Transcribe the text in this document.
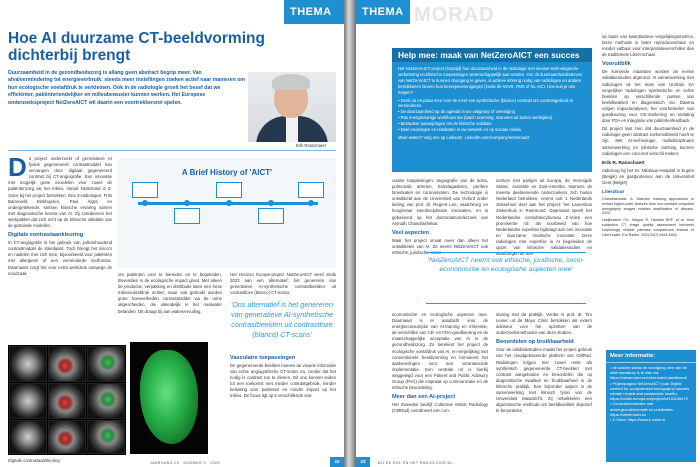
THEMA AI
Hoe AI duurzame CT-beeldvorming dichterbij brengt
Duurzaamheid in de gezondheidszorg is allang geen abstract begrip meer. Van afvalvermindering tot energieverbruik: steeds meer instellingen zoeken actief naar manieren om hun ecologische voetafdruk te verkleinen. Ook in de radiologie groeit het besef dat we efficiënter, patiëntvriendelijker en milieubewuster kunnen werken. Het Europese onderzoeksproject NetZeroAICT wil daarin een voortrekkersrol spelen.
Erik Ranschaert

Dit project onderzoekt of generatieve AI fysiek gegenereerd contrastmiddel kan vervangen door digitaal gegenereerd contrast bij CT-angiografie. Een innovatie met mogelijk grote voordelen voor zowel de patiëntenzorg als het milieu. Vanuit Nederland is Z-Voice bij het project betrokken. Drie Z-radiologen, Frits Barneveld Binkhuysen, Paul Algra en ondergetekende, toetsen klinische ervaring samen met diagnostische kennis van AI. Zij coördineren het werkpakket dat zich richt op de klinische validatie van de getrainde modellen.

Digitale contrastaankleuring

In CT-angiografie is het gebruik van jodiumhoudend contrastmiddel de standaard. Toch brengt het risico's en nadelen met zich mee, bijvoorbeeld voor patiënten met allergieën of een verminderde nierfunctie. Daarnaast zorgt het voor extra werkdruk vanwege de noodzaak

A Brief History of 'AICT'

om patiënten voor te bereiden en te begeleiden. Bovendien is de ecologische impact groot. Met alleen de productie, verpakking en distributie laten een forse milieuvoetafdruk achter, maar ook gebruikt worden grote hoeveelheden contrastmiddel via de urine uitgescheiden, die uiteindelijk in het rioolwater belanden. Dit draagt bij aan watervervuiling.

Het Horizon Europe-project NetZeroAICT werd sinds 2023 aan een alternatief: het genereren van generatieve AI-synthetische contrastbeelden uit contrastloze (blanco) CT-scans.

'Ons alternatief is het genereren van generatieve AI-synthetische contrastbeelden uit contrastloze (blanco) CT-scans'
Vasculaire toepassingen

De gegenereerde beelden hoeven de visuele informatie van echte angiografische CT-scans na, zonder dat het nodig is contrast toe te dienen. Dit ons kunnen leiden tot een toekomst met minder contrastgebruik, minder belasting voor patiënten en minder impact op het milieu. De focus ligt op 5 verschillende vas-

Digitale contrastaankleuring	JAARGANG 29 · NUMMER 3 · 2025	22
THEMA AI
MORAD
Help mee: maak van NetZeroAICT een succes

Het NetZeroAICT-project (looptijd) hun duurzaamheid in de radiologie met nieuwe technologische verbetering en klinische toepassingen wetenschappelijk aan worden. Om dit duurzaamheidsstreven van NetZeroAICT te kunnen doorgang te geven, is actieve inbreng nodig van radiologen en andere betrokkenen binnen hun beroepsverenigingen (zoals de NVvR, FMS of NL AIC). Hoe kun je ons helpen?

• Denk na en praat mee over de inzet van synthetische (blanco) contrast om contrastgebruik te verminderen
• De duurzaamheid op de agenda in uw vakgroep of vereniging
• Pas energiezuinige workflows toe (batch scanning, scanners uit buiten werktijden)
• Bestudeer aanwijzingen om de klinische validatie
• Deel ervaringen en resultaten in uw netwerk en op sociale media

Meer weten? Volg ons op LinkedIn: LinkedIn.com/company/netzeroaict

culaire toepassingen: angiografie van de aorta, pulmonale arterien, halsslagaderen, perifere bloedvaten en coronairvaten. De technologie is ontwikkeld aan de Universiteit van Oxford onder leiding van prof. dr. Regent Lee, vaatchirurg en hoogleraar interdisciplinaire innovaties, en is gebaseerd op het doctoraatsonderzoek van Anirudh Chandrashekar.

Veel aspecten

Maar het project omvat meer dan alleen het ontwikkelen van AI. Ze neemt NetZeroAICT ook ethische, juridische, socio-

sortium met partijen uit Europa, de Verenigde Staten, Australië en Zuid-Amerika. Namens de meeste deelnemende onderzoekers zich buiten Nederland betrokken, neemt ook 1 Nederlands ziekenhuis deel aan het project: het Laurentius Ziekenhuis in Roermond. Daarnaast speelt het Nederlandse consultancybureau Z-Voice een prominente rol: als voorbeeld van hoe Nederlandse expertise bijdraagt aan een innovatie en duurzame medische innovatie. Deze radiologen met expertise in AI begeleiden de opzet van klinische validatiestudies en waarborgen de aan-

'NetZeroAICT neemt ook ethische, juridische, socio-economische en ecologische aspecten mee'

economische en ecologische aspecten mee. Daarnaast is er aandacht voor de energieconsumptie van AI-training en inferentie, de verschillen van CE- en FDA-goedkeuring en de maatschappelijke acceptatie van AI in de gezondheidszorg. Zo berekent het project de ecologische voetafdruk van AI, en vergelijking met conventionele beeldvorming en formuleert het aanbevelingen voor een verantwoorde implementatie. Een centrale rol is hierbij weggelegd voor een Patient and Public Advisory Group (PAG) die inspraak op communicatie en de ethische beoordeling.

Meer dan een AI-project

Het Zweedse bedrijf Collective Minds Radiology (CMRad) coördineert een con-

sluiting met de praktijk. Verder is prof. dr. Tim Leiner uit de Mayo Clinic betrokken als extern adviseur voor het opzetten van de onderzoeksmethoden van deze studies.

Beoordelen op bruikbaarheid

Voor de validatiestudies maakt het project gebruik van het cloudgebaseerde platform van CMRad. Radiologen krijgen hier zowel reële als synthetisch gegenereerde CT-beelden met contrast aangeboden en beoordelen die op diagnostische kwaliteit en bruikbaarheid in de klinische praktijk. Een bijzonder aspect is de samenwerking met klinisch fysici van de Universiteit Maastricht. Zij ontwikkelen een algoritmische methode om beeldkwaliteit objectief te beoordelen

op basis van kwantitatieve vergelijkingsmetrics. Deze methode is beter reproduceerbaar en minder vatbaar voor interpretatieverschillen dan de traditionele Likert-schaal.

Vooruitblik

De komende maanden worden de eerste validatiestudies afgerond. In samenwerking met radiologen uit het team van UniSalo SA vergelijken radiologen synthetische en echte beelden op verschillende punten van beeldkwaliteit en diagnostisch nut. Daarna volgen impactanalyses, het voorbereiden van goedkeuring voor CE-markering en toelating door FDA en integratie van patiëntenfeedback.

Dit project laat zien dat duurzaamheid in de radiologie geen abstract toekomstbeeld hoeft te zijn. Met AI-technologie, multidisciplinaire samenwerking en klinische toetsing kunnen radiologen een concreet verschil maken.

Erik R. Ranschaert

radioloog bij het St. Nikolaus-Hospital in Eupen (België) en gastprofessor aan de Universiteit Gent (België)

Literatuur

Chandrashekar, A. Machine learning approaches to extract higher-order features from non-contrast computed tomography images enables stratification of disease, 2023.

Hadjinadem CH, Hargon R, Haradia BHF, et al. How subjective CT image quality assessment becomes surprisingly reliable pairwise comparisons instead of Likert scale. Eur Radiol. 2024;34(7):4494-4503.

Meer informatie:
• de actuele status en voortgang zien van de data repository is te zien via: https://netzeroaict.eu/netzeroaict-dashboard/
• Projectpagina NetZeroAICT (call: Digital content for computerised tomography towards climate neutral and sustainable health): https://cordis.europa.eu/project/id/101136479
• Consortiumwebsite met achtergrondinformatie en publicaties: https://netzeroaict.eu
• Z-Voice: https://www.z-voice.nl
23	BIJ DE ROL ÉN HET RADIOLOGIE.NL
